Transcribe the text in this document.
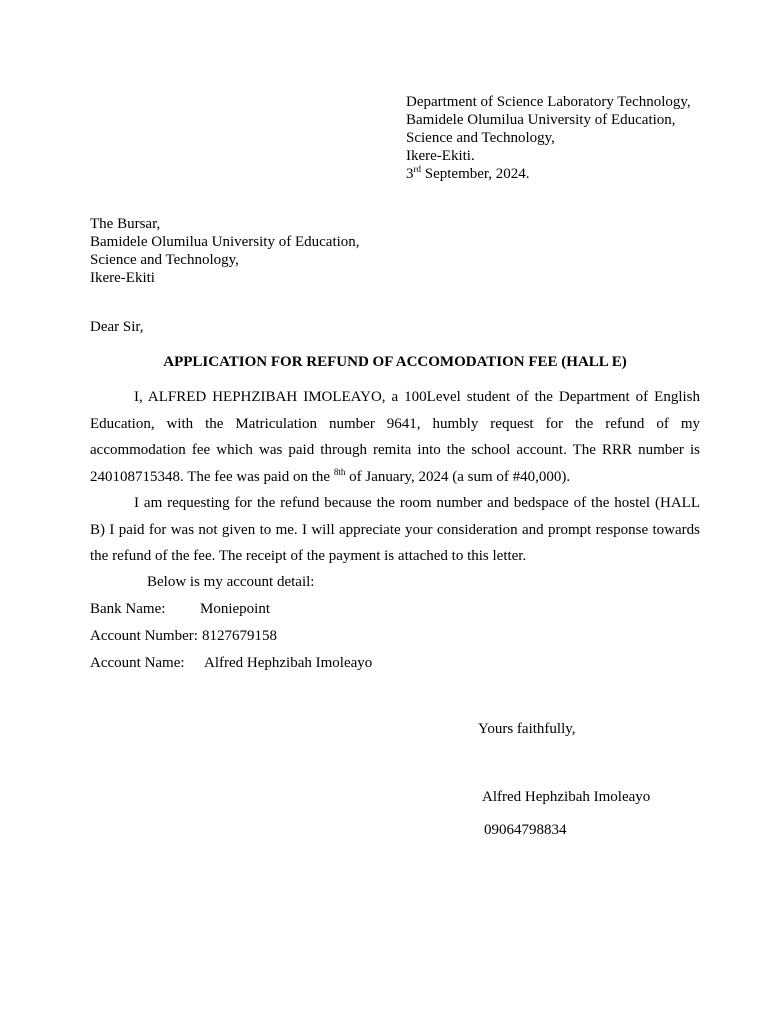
Department of Science Laboratory Technology,
Bamidele Olumilua University of Education,
Science and Technology,
Ikere-Ekiti.
3rd September, 2024.
The Bursar,
Bamidele Olumilua University of Education,
Science and Technology,
Ikere-Ekiti
Dear Sir,
APPLICATION FOR REFUND OF ACCOMODATION FEE (HALL E)

I, ALFRED HEPHZIBAH IMOLEAYO, a 100Level student of the Department of English Education, with the Matriculation number 9641, humbly request for the refund of my accommodation fee which was paid through remita into the school account. The RRR number is 240108715348. The fee was paid on the $^{8th}$ of January, 2024 (a sum of #40,000).

I am requesting for the refund because the room number and bedspace of the hostel (HALL B) I paid for was not given to me. I will appreciate your consideration and prompt response towards the refund of the fee. The receipt of the payment is attached to this letter.

Below is my account detail:
Bank Name: Moniepoint
Account Number: 8127679158
Account Name: Alfred Hephzibah Imoleayo
Yours faithfully,
Alfred Hephzibah Imoleayo
09064798834
